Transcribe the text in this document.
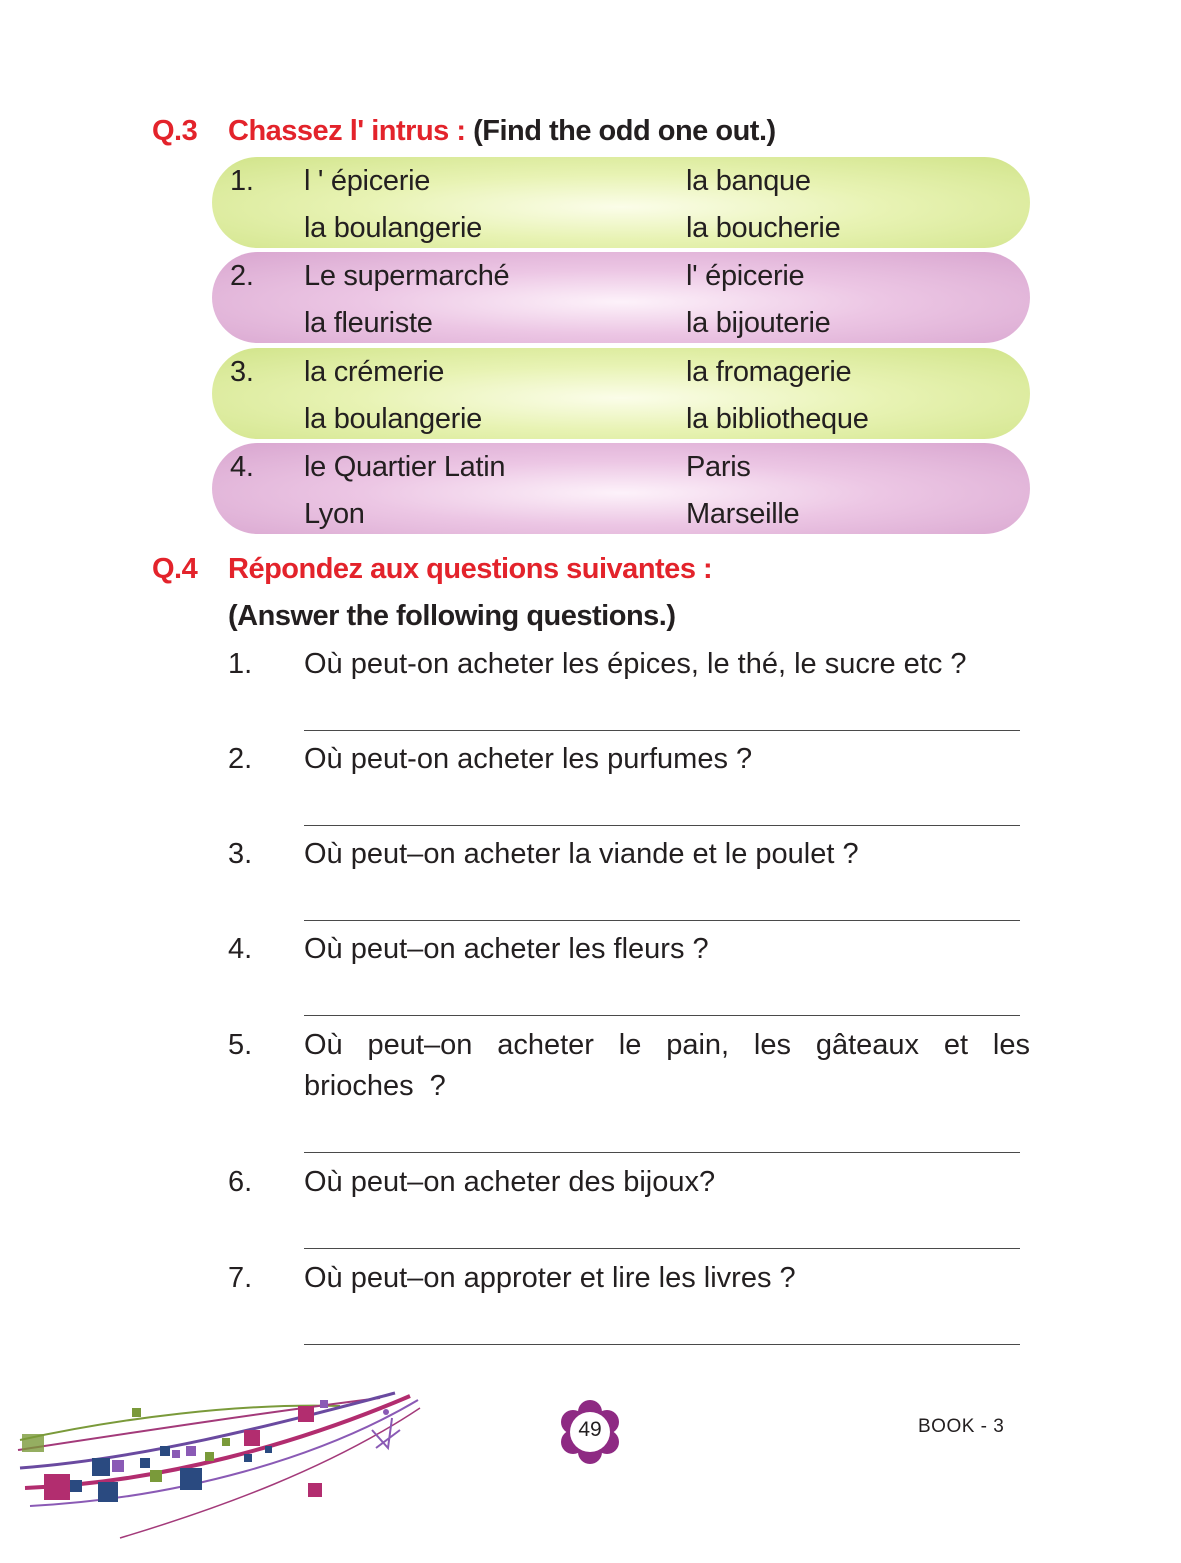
Q.3 Chassez l' intrus : (Find the odd one out.)
1. l ' épicerie	la banque
la boulangerie	la boucherie
2. Le supermarché	l' épicerie
la fleuriste	la bijouterie
3. la crémerie	la fromagerie
la boulangerie	la bibliotheque
4. le Quartier Latin	Paris
Lyon	Marseille
Q.4 Répondez aux questions suivantes :
(Answer the following questions.)
1. Où peut-on acheter les épices, le thé, le sucre etc ?
2. Où peut-on acheter les purfumes ?
3. Où peut–on acheter la viande et le poulet ?
4. Où peut–on acheter les fleurs ?
5. Où peut–on acheter le pain, les gâteaux et les brioches ?
6. Où peut–on acheter des bijoux?
7. Où peut–on approter et lire les livres ?
49	BOOK - 3
